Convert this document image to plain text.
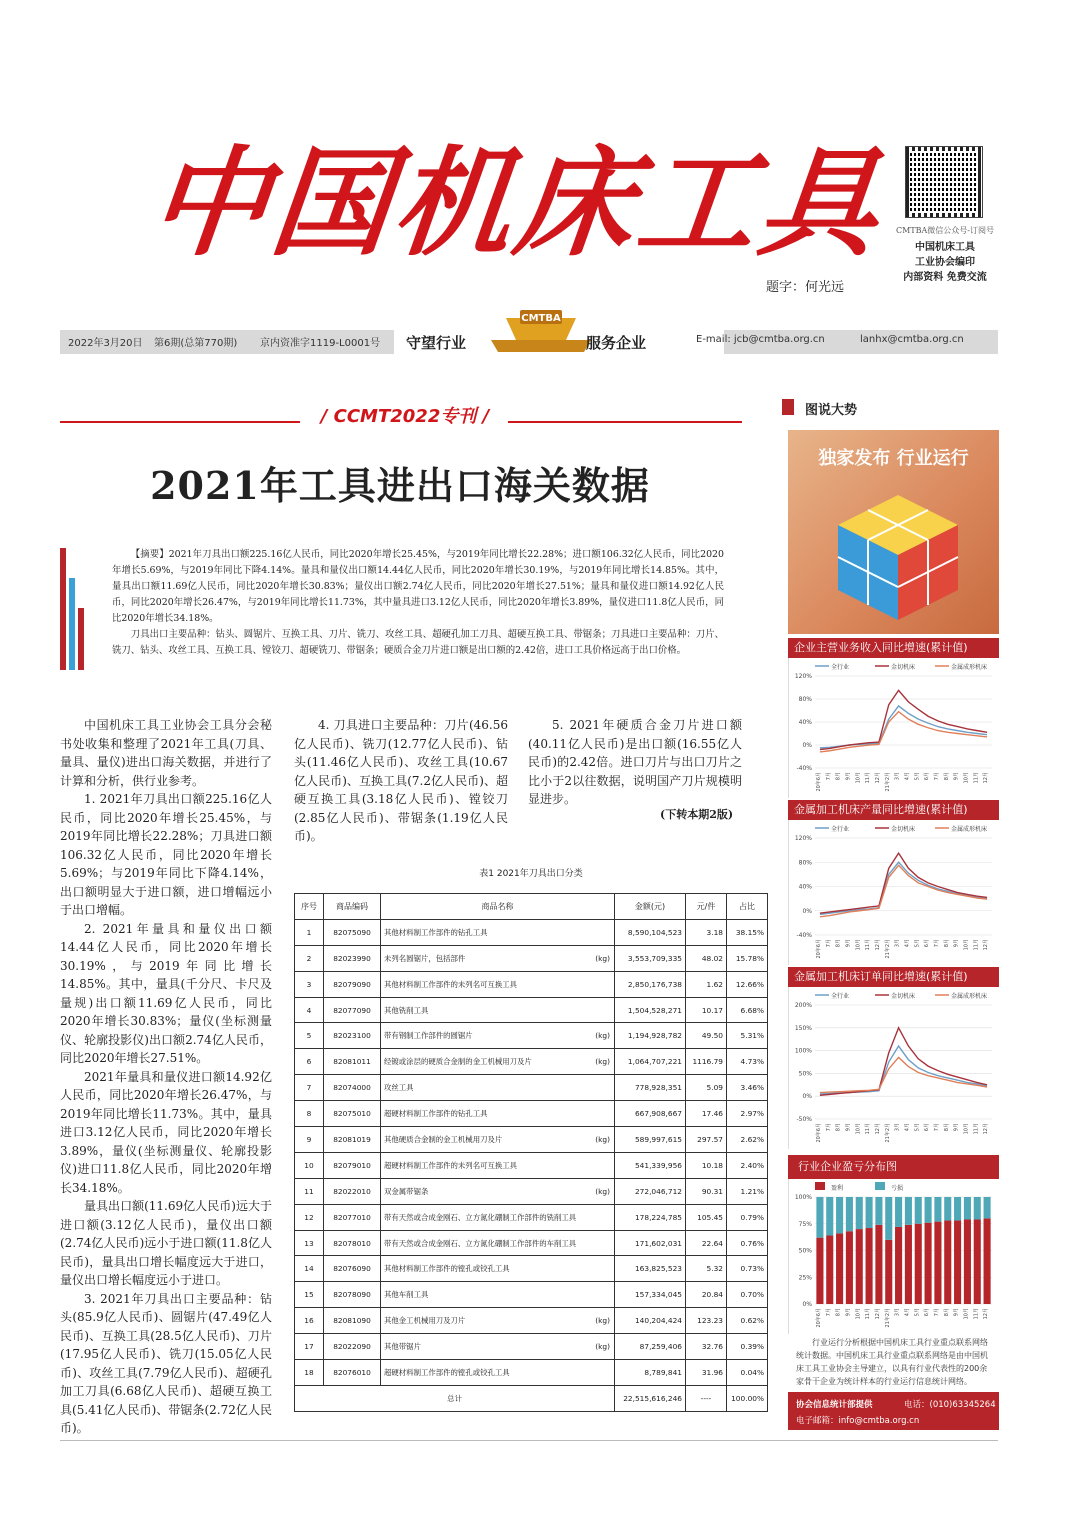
中国机床工具
题字：何光远
CMTBA微信公众号-订阅号
中国机床工具
工业协会编印
内部资料 免费交流
2022年3月20日 第6期(总第770期) 京内资准字1119-L0001号 守望行业
CMTBA
服务企业	E-mail: jcb@cmtba.org.cn	lanhx@cmtba.org.cn
/ CCMT2022专刊 /
2021年工具进出口海关数据

【摘要】2021年刀具出口额225.16亿人民币，同比2020年增长25.45%，与2019年同比增长22.28%；进口额106.32亿人民币，同比2020年增长5.69%，与2019年同比下降4.14%。量具和量仪出口额14.44亿人民币，同比2020年增长30.19%，与2019年同比增长14.85%。其中，量具出口额11.69亿人民币，同比2020年增长30.83%；量仪出口额2.74亿人民币，同比2020年增长27.51%；量具和量仪进口额14.92亿人民币，同比2020年增长26.47%，与2019年同比增长11.73%，其中量具进口3.12亿人民币，同比2020年增长3.89%，量仪进口11.8亿人民币，同比2020年增长34.18%。

刀具出口主要品种：钻头、圆锯片、互换工具、刀片、铣刀、攻丝工具、超硬孔加工刀具、超硬互换工具、带锯条；刀具进口主要品种：刀片、铣刀、钻头、攻丝工具、互换工具、镗铰刀、超硬铣刀、带锯条；硬质合金刀片进口额是出口额的2.42倍，进口工具价格远高于出口价格。

中国机床工具工业协会工具分会秘书处收集和整理了2021年工具(刀具、量具、量仪)进出口海关数据，并进行了计算和分析，供行业参考。

1. 2021年刀具出口额225.16亿人民币，同比2020年增长25.45%，与2019年同比增长22.28%；刀具进口额106.32亿人民币，同比2020年增长5.69%；与2019年同比下降4.14%，出口额明显大于进口额，进口增幅远小于出口增幅。

2. 2021年量具和量仪出口额14.44亿人民币，同比2020年增长30.19%，与2019年同比增长14.85%。其中，量具(千分尺、卡尺及量规)出口额11.69亿人民币，同比2020年增长30.83%；量仪(坐标测量仪、轮廓投影仪)出口额2.74亿人民币，同比2020年增长27.51%。

2021年量具和量仪进口额14.92亿人民币，同比2020年增长26.47%，与2019年同比增长11.73%。其中，量具进口3.12亿人民币，同比2020年增长3.89%，量仪(坐标测量仪、轮廓投影仪)进口11.8亿人民币，同比2020年增长34.18%。

量具出口额(11.69亿人民币)远大于进口额(3.12亿人民币)，量仪出口额(2.74亿人民币)远小于进口额(11.8亿人民币)，量具出口增长幅度远大于进口，量仪出口增长幅度远小于进口。

3. 2021年刀具出口主要品种：钻头(85.9亿人民币)、圆锯片(47.49亿人民币)、互换工具(28.5亿人民币)、刀片(17.95亿人民币)、铣刀(15.05亿人民币)、攻丝工具(7.79亿人民币)、超硬孔加工刀具(6.68亿人民币)、超硬互换工具(5.41亿人民币)、带锯条(2.72亿人民币)。

4. 刀具进口主要品种：刀片(46.56亿人民币)、铣刀(12.77亿人民币)、钻头(11.46亿人民币)、攻丝工具(10.67亿人民币)、互换工具(7.2亿人民币)、超硬互换工具(3.18亿人民币)、镗铰刀(2.85亿人民币)、带锯条(1.19亿人民币)。

5. 2021年硬质合金刀片进口额(40.11亿人民币)是出口额(16.55亿人民币)的2.42倍。进口刀片与出口刀片之比小于2以往数据，说明国产刀片规模明显进步。

(下转本期2版)
表1 2021年刀具出口分类
序号	商品编码	商品名称	金额(元)	元/件	占比
1	82075090	其他材料制工作部件的钻孔工具	8,590,104,523	3.18	38.15%
2	82023990	未列名圆锯片，包括部件 (kg)	3,553,709,335	48.02	15.78%
3	82079090	其他材料制工作部件的未列名可互换工具	2,850,176,738	1.62	12.66%
4	82077090	其他铣削工具	1,504,528,271	10.17	6.68%
5	82023100	带有钢制工作部件的圆锯片 (kg)	1,194,928,782	49.50	5.31%
6	82081011	经镀或涂层的硬质合金制的金工机械用刀及片 (kg)	1,064,707,221	1116.79	4.73%
7	82074000	攻丝工具	778,928,351	5.09	3.46%
8	82075010	超硬材料制工作部件的钻孔工具	667,908,667	17.46	2.97%
9	82081019	其他硬质合金制的金工机械用刀及片 (kg)	589,997,615	297.57	2.62%
10	82079010	超硬材料制工作部件的未列名可互换工具	541,339,956	10.18	2.40%
11	82022010	双金属带锯条 (kg)	272,046,712	90.31	1.21%
12	82077010	带有天然或合成金刚石、立方氮化硼制工作部件的铣削工具	178,224,785	105.45	0.79%
13	82078010	带有天然或合成金刚石、立方氮化硼制工作部件的车削工具	171,602,031	22.64	0.76%
14	82076090	其他材料制工作部件的镗孔或铰孔工具	163,825,523	5.32	0.73%
15	82078090	其他车削工具	157,334,045	20.84	0.70%
16	82081090	其他金工机械用刀及刀片 (kg)	140,204,424	123.23	0.62%
17	82022090	其他带锯片 (kg)	87,259,406	32.76	0.39%
18	82076010	超硬材料制工作部件的镗孔或铰孔工具	8,789,841	31.96	0.04%
总计			22,515,616,246	----	100.00%
图说大势
独家发布 行业运行
企业主营业务收入同比增速(累计值)
全行业	金切机床	金属成形机床
120%
80%
40%
0%
-40%
20年6月 7月 8月 9月 10月 11月 12月 21年2月 3月 4月 5月 6月 7月 8月 9月 10月 11月 12月
金属加工机床产量同比增速(累计值)
全行业	金切机床	金属成形机床
120%
80%
40%
0%
-40%
20年6月 7月 8月 9月 10月 11月 12月 21年2月 3月 4月 5月 6月 7月 8月 9月 10月 11月 12月
金属加工机床订单同比增速(累计值)
全行业	金切机床	金属成形机床
200%
150%
100%
50%
0%
-50%
20年6月 7月 8月 9月 10月 11月 12月 21年2月 3月 4月 5月 6月 7月 8月 9月 10月 11月 12月
行业企业盈亏分布图
盈利	亏损
100%
75%
50%
25%
0%
20年6月 7月 8月 9月 10月 11月 12月 21年2月 3月 4月 5月 6月 7月 8月 9月 10月 11月 12月
行业运行分析根据中国机床工具行业重点联系网络统计数据。中国机床工具行业重点联系网络是由中国机床工具工业协会主导建立，以具有行业代表性的200余家骨干企业为统计样本的行业运行信息统计网络。
协会信息统计部提供	电话：(010)63345264
电子邮箱：info@cmtba.org.cn
